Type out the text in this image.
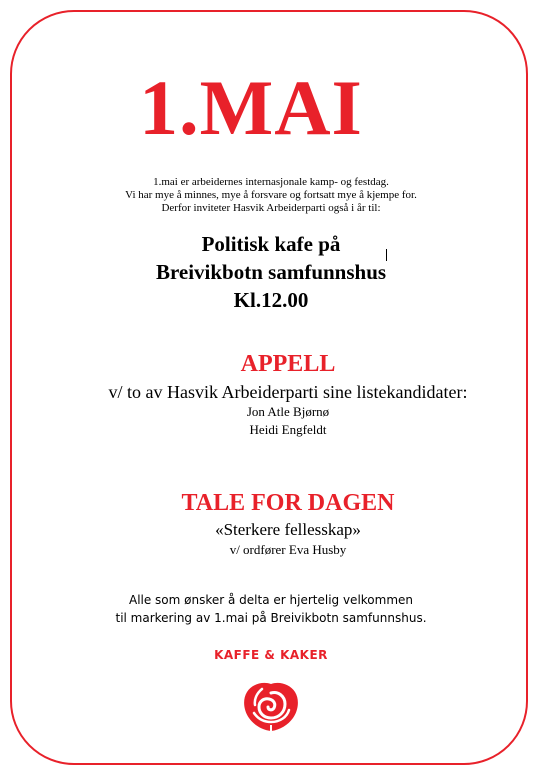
1.MAI
1.mai er arbeidernes internasjonale kamp- og festdag.
Vi har mye å minnes, mye å forsvare og fortsatt mye å kjempe for.
Derfor inviteter Hasvik Arbeiderparti også i år til:
Politisk kafe på
Breivikbotn samfunnshus
Kl.12.00
APPELL
v/ to av Hasvik Arbeiderparti sine listekandidater:
Jon Atle Bjørnø
Heidi Engfeldt
TALE FOR DAGEN
«Sterkere fellesskap»
v/ ordfører Eva Husby
Alle som ønsker å delta er hjertelig velkommen
til markering av 1.mai på Breivikbotn samfunnshus.
KAFFE & KAKER
